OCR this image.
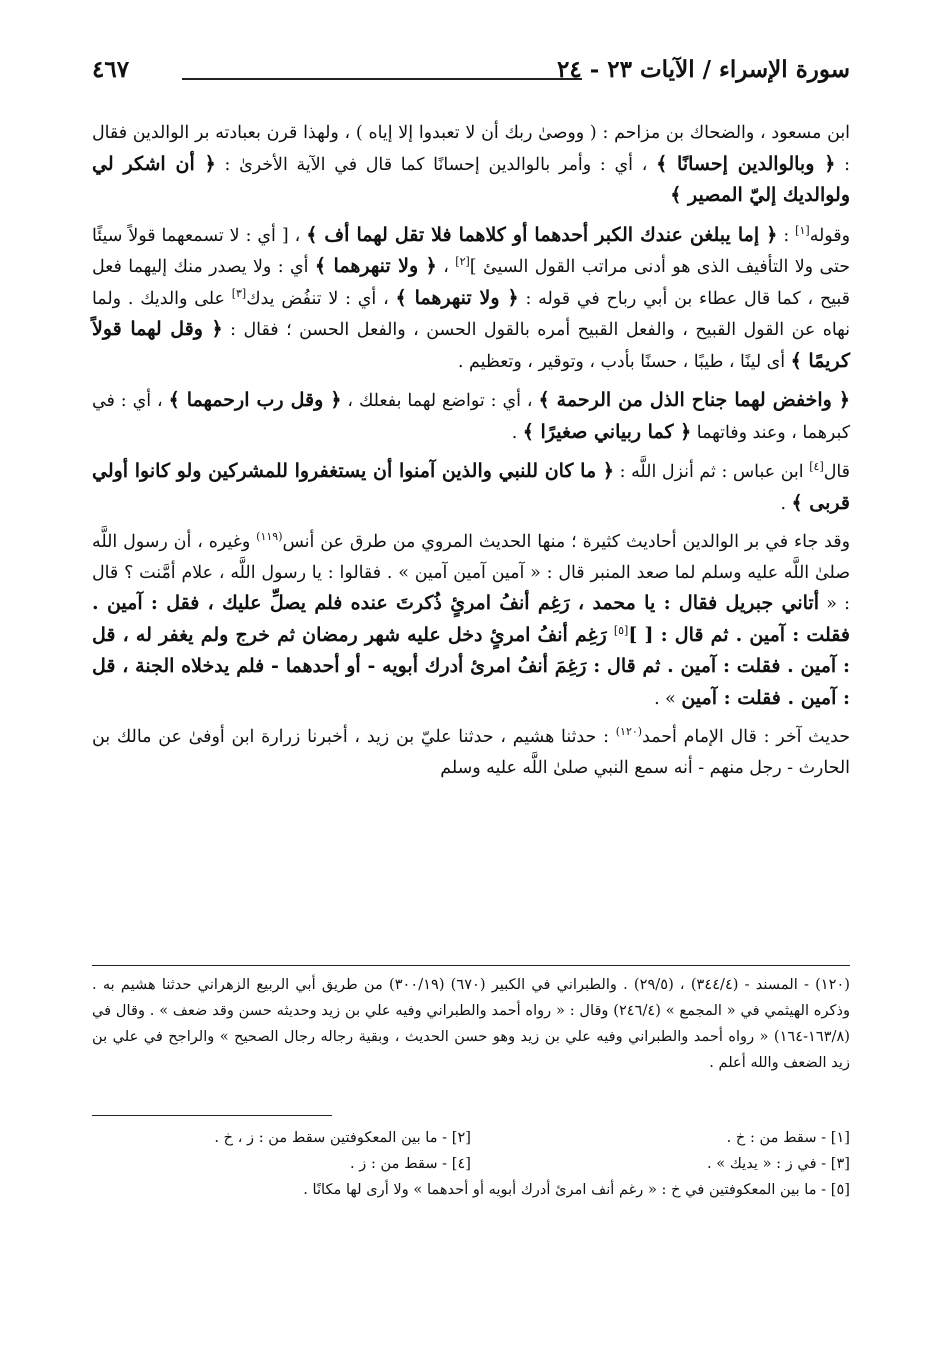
سورة الإسراء / الآيات ٢٣ - ٢٤
٤٦٧

ابن مسعود ، والضحاك بن مزاحم : ( ووصىٰ ربك أن لا تعبدوا إلا إياه ) ، ولهذا قرن بعبادته بر الوالدين فقال : ﴿ وبالوالدين إحسانًا ﴾ ، أي : وأمر بالوالدين إحسانًا كما قال في الآية الأخرىٰ : ﴿ أن اشكر لي ولوالديك إليّ المصير ﴾

وقوله[١] : ﴿ إما يبلغن عندك الكبر أحدهما أو كلاهما فلا تقل لهما أف ﴾ ، [ أي : لا تسمعهما قولاً سيئًا حتى ولا التأفيف الذى هو أدنى مراتب القول السيئ ][٢] ، ﴿ ولا تنهرهما ﴾ أي : ولا يصدر منك إليهما فعل قبيح ، كما قال عطاء بن أبي رباح في قوله : ﴿ ولا تنهرهما ﴾ ، أي : لا تنفُض يدك[٣] على والديك . ولما نهاه عن القول القبيح ، والفعل القبيح أمره بالقول الحسن ، والفعل الحسن ؛ فقال : ﴿ وقل لهما قولاً كريمًا ﴾ أى لينًا ، طيبًا ، حسنًا بأدب ، وتوقير ، وتعظيم .

﴿ واخفض لهما جناح الذل من الرحمة ﴾ ، أي : تواضع لهما بفعلك ، ﴿ وقل رب ارحمهما ﴾ ، أي : في كبرهما ، وعند وفاتهما ﴿ كما ربياني صغيرًا ﴾ .

قال[٤] ابن عباس : ثم أنزل اللَّه : ﴿ ما كان للنبي والذين آمنوا أن يستغفروا للمشركين ولو كانوا أولي قربى ﴾ .

وقد جاء في بر الوالدين أحاديث كثيرة ؛ منها الحديث المروي من طرق عن أنس$^{(١١٩)}$ وغيره ، أن رسول اللَّه صلىٰ اللَّه عليه وسلم لما صعد المنبر قال : « آمين آمين آمين » . فقالوا : يا رسول اللَّه ، علام أمَّنت ؟ قال : « أتاني جبريل فقال : يا محمد ، رَغِم أنفُ امرئٍ ذُكرتَ عنده فلم يصلِّ عليك ، فقل : آمين . فقلت : آمين . ثم قال : [ ][٥] رَغِم أنفُ امرئٍ دخل عليه شهر رمضان ثم خرج ولم يغفر له ، قل : آمين . فقلت : آمين . ثم قال : رَغِمَ أنفُ امرئ أدرك أبويه - أو أحدهما - فلم يدخلاه الجنة ، قل : آمين . فقلت : آمين » .

حديث آخر : قال الإمام أحمد$^{(١٢٠)}$ : حدثنا هشيم ، حدثنا عليّ بن زيد ، أخبرنا زرارة ابن أوفىٰ عن مالك بن الحارث - رجل منهم - أنه سمع النبي صلىٰ اللَّه عليه وسلم

(١٢٠) - المسند - (٣٤٤/٤) ، (٢٩/٥) . والطبراني في الكبير (٦٧٠) (٣٠٠/١٩) من طريق أبي الربيع الزهراني حدثنا هشيم به . وذكره الهيثمي في « المجمع » (٢٤٦/٤) وقال : « رواه أحمد والطبراني وفيه علي بن زيد وحديثه حسن وقد ضعف » . وقال في (١٦٣/٨-١٦٤) « رواه أحمد والطبراني وفيه علي بن زيد وهو حسن الحديث ، وبقية رجاله رجال الصحيح » والراجح في علي بن زيد الضعف والله أعلم .

[١] - سقط من : خ .
[٢] - ما بين المعكوفتين سقط من : ز ، خ .
[٣] - في ز : « يديك » .
[٤] - سقط من : ز .
[٥] - ما بين المعكوفتين في خ : « رغم أنف امرئ أدرك أبويه أو أحدهما » ولا أرى لها مكانًا .
